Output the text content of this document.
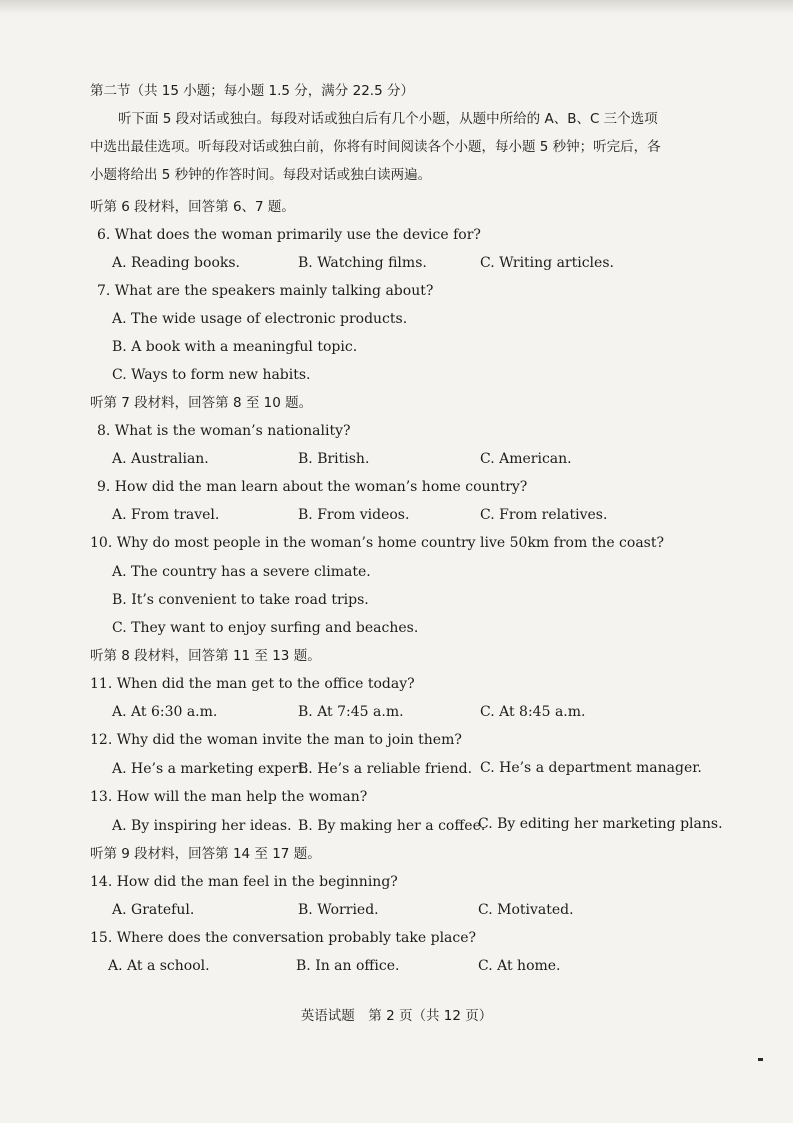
第二节（共 15 小题；每小题 1.5 分，满分 22.5 分）
听下面 5 段对话或独白。每段对话或独白后有几个小题，从题中所给的 A、B、C 三个选项
中选出最佳选项。听每段对话或独白前，你将有时间阅读各个小题，每小题 5 秒钟；听完后，各
小题将给出 5 秒钟的作答时间。每段对话或独白读两遍。
听第 6 段材料，回答第 6、7 题。
6. What does the woman primarily use the device for?
A. Reading books.	B. Watching films.	C. Writing articles.
7. What are the speakers mainly talking about?
A. The wide usage of electronic products.
B. A book with a meaningful topic.
C. Ways to form new habits.
听第 7 段材料，回答第 8 至 10 题。
8. What is the woman’s nationality?
A. Australian.	B. British.	C. American.
9. How did the man learn about the woman’s home country?
A. From travel.	B. From videos.	C. From relatives.
10. Why do most people in the woman’s home country live 50km from the coast?
A. The country has a severe climate.
B. It’s convenient to take road trips.
C. They want to enjoy surfing and beaches.
听第 8 段材料，回答第 11 至 13 题。
11. When did the man get to the office today?
A. At 6:30 a.m.	B. At 7:45 a.m.	C. At 8:45 a.m.
12. Why did the woman invite the man to join them?
A. He’s a marketing expert.
B. He’s a reliable friend. C. He’s a department manager.
13. How will the man help the woman?
A. By inspiring her ideas. B. By making her a coffee.
C. By editing her marketing plans.
听第 9 段材料，回答第 14 至 17 题。
14. How did the man feel in the beginning?
A. Grateful.	B. Worried.	C. Motivated.
15. Where does the conversation probably take place?
A. At a school.	B. In an office.	C. At home.
英语试题　第 2 页（共 12 页）
